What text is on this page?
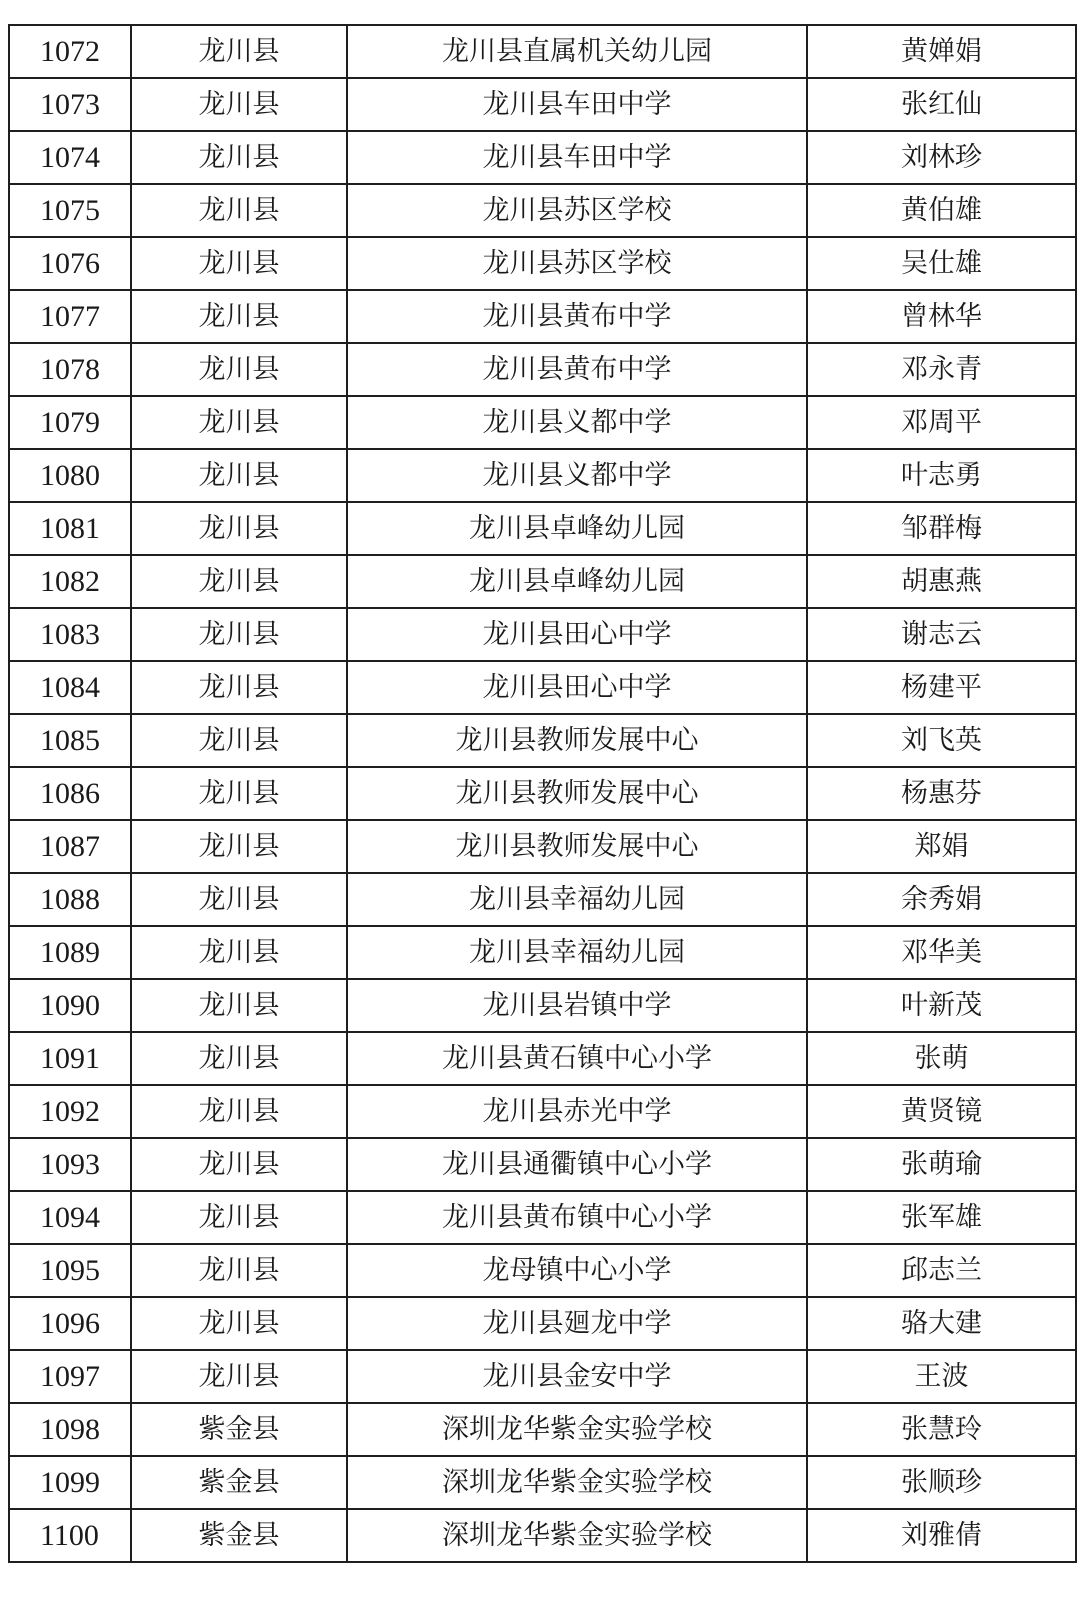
1072	龙川县	龙川县直属机关幼儿园	黄婵娟
1073	龙川县	龙川县车田中学	张红仙
1074	龙川县	龙川县车田中学	刘林珍
1075	龙川县	龙川县苏区学校	黄伯雄
1076	龙川县	龙川县苏区学校	吴仕雄
1077	龙川县	龙川县黄布中学	曾林华
1078	龙川县	龙川县黄布中学	邓永青
1079	龙川县	龙川县义都中学	邓周平
1080	龙川县	龙川县义都中学	叶志勇
1081	龙川县	龙川县卓峰幼儿园	邹群梅
1082	龙川县	龙川县卓峰幼儿园	胡惠燕
1083	龙川县	龙川县田心中学	谢志云
1084	龙川县	龙川县田心中学	杨建平
1085	龙川县	龙川县教师发展中心	刘飞英
1086	龙川县	龙川县教师发展中心	杨惠芬
1087	龙川县	龙川县教师发展中心	郑娟
1088	龙川县	龙川县幸福幼儿园	余秀娟
1089	龙川县	龙川县幸福幼儿园	邓华美
1090	龙川县	龙川县岩镇中学	叶新茂
1091	龙川县	龙川县黄石镇中心小学	张萌
1092	龙川县	龙川县赤光中学	黄贤镜
1093	龙川县	龙川县通衢镇中心小学	张萌瑜
1094	龙川县	龙川县黄布镇中心小学	张军雄
1095	龙川县	龙母镇中心小学	邱志兰
1096	龙川县	龙川县廻龙中学	骆大建
1097	龙川县	龙川县金安中学	王波
1098	紫金县	深圳龙华紫金实验学校	张慧玲
1099	紫金县	深圳龙华紫金实验学校	张顺珍
1100	紫金县	深圳龙华紫金实验学校	刘雅倩
